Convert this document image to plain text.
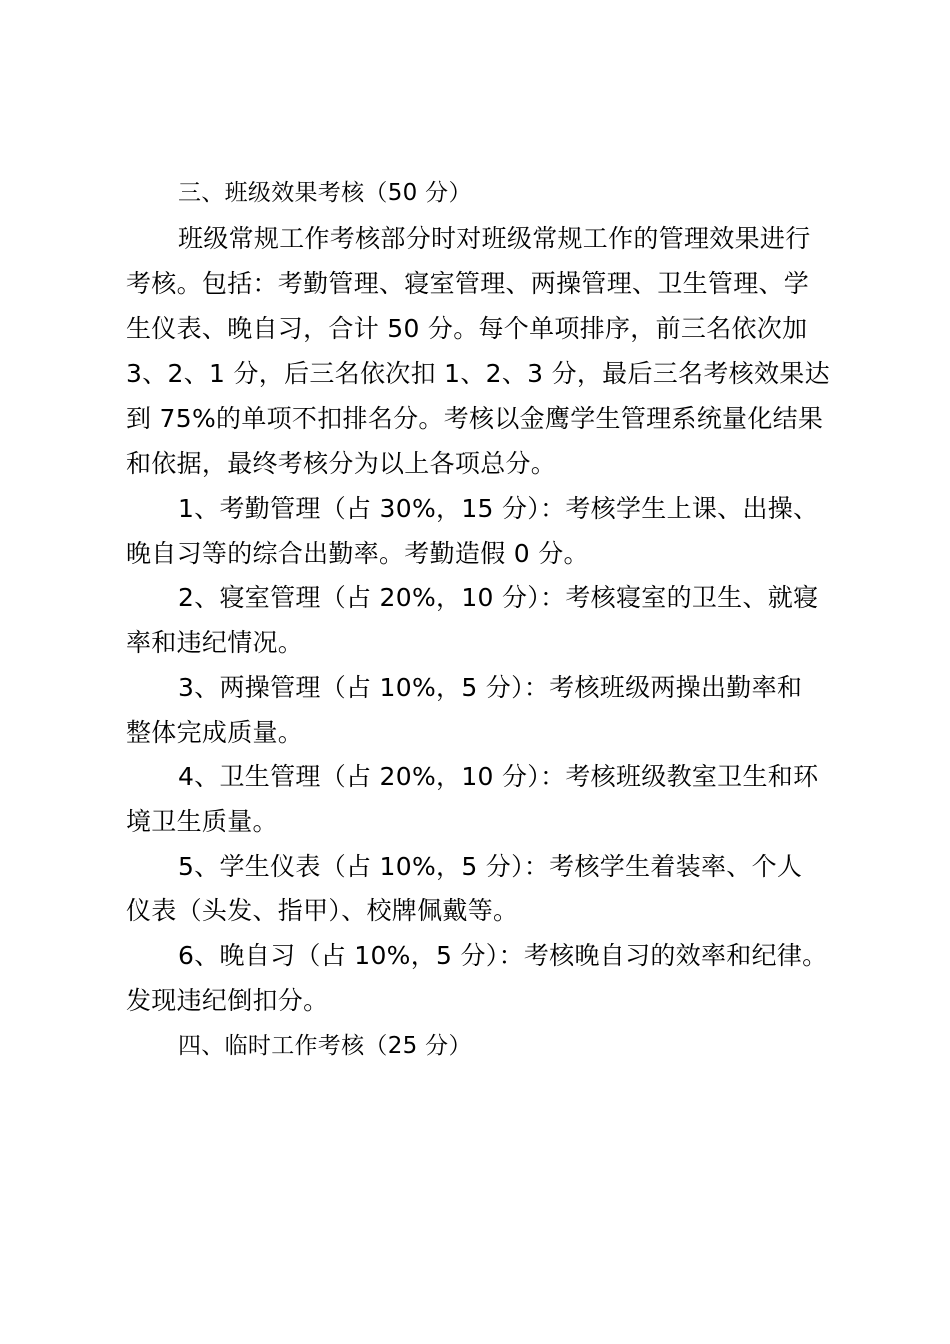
三、班级效果考核（50 分）
班级常规工作考核部分时对班级常规工作的管理效果进行
考核。包括：考勤管理、寝室管理、两操管理、卫生管理、学
生仪表、晚自习，合计 50 分。每个单项排序，前三名依次加
3、2、1 分，后三名依次扣 1、2、3 分，最后三名考核效果达
到 75%的单项不扣排名分。考核以金鹰学生管理系统量化结果
和依据，最终考核分为以上各项总分。
1、考勤管理（占 30%，15 分）：考核学生上课、出操、
晚自习等的综合出勤率。考勤造假 0 分。
2、寝室管理（占 20%，10 分）：考核寝室的卫生、就寝
率和违纪情况。
3、两操管理（占 10%，5 分）：考核班级两操出勤率和
整体完成质量。
4、卫生管理（占 20%，10 分）：考核班级教室卫生和环
境卫生质量。
5、学生仪表（占 10%，5 分）：考核学生着装率、个人
仪表（头发、指甲）、校牌佩戴等。
6、晚自习（占 10%，5 分）：考核晚自习的效率和纪律。
发现违纪倒扣分。
四、临时工作考核（25 分）
